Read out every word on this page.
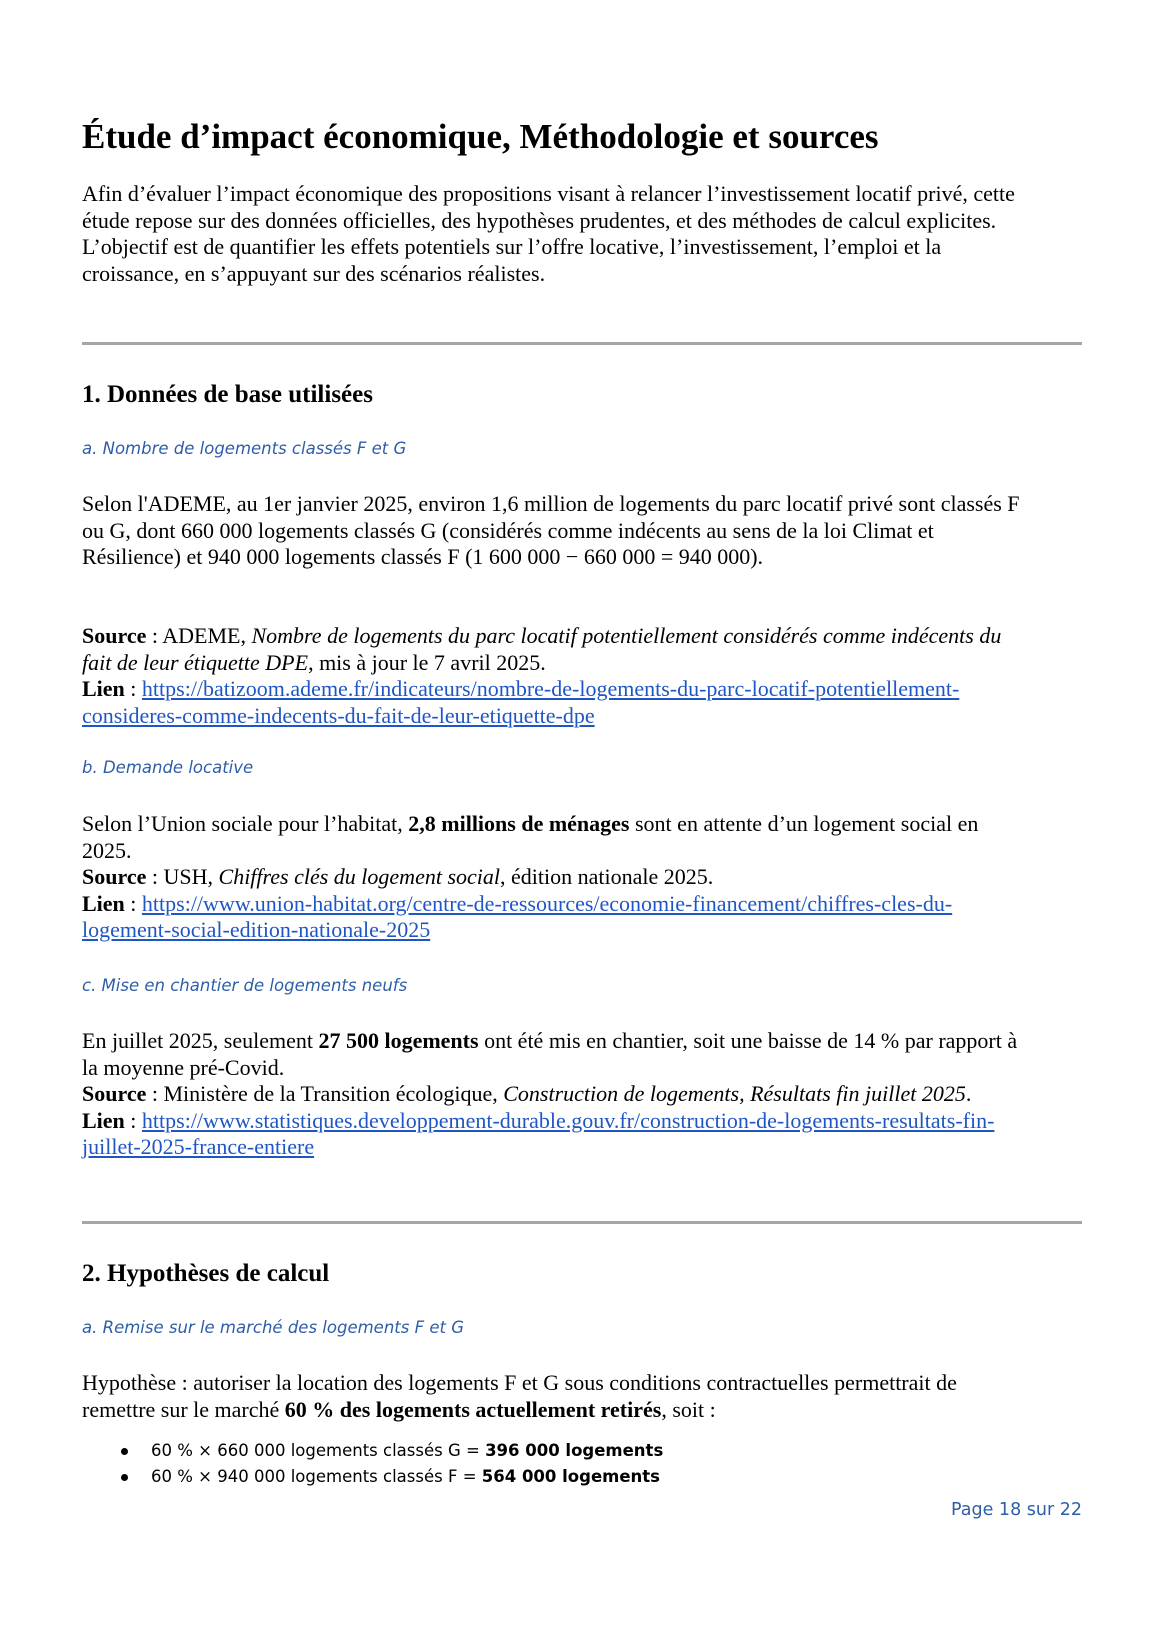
Étude d’impact économique, Méthodologie et sources

Afin d’évaluer l’impact économique des propositions visant à relancer l’investissement locatif privé, cette
étude repose sur des données officielles, des hypothèses prudentes, et des méthodes de calcul explicites.
L’objectif est de quantifier les effets potentiels sur l’offre locative, l’investissement, l’emploi et la
croissance, en s’appuyant sur des scénarios réalistes.

1. Données de base utilisées

a. Nombre de logements classés F et G

Selon l'ADEME, au 1er janvier 2025, environ 1,6 million de logements du parc locatif privé sont classés F
ou G, dont 660 000 logements classés G (considérés comme indécents au sens de la loi Climat et
Résilience) et 940 000 logements classés F (1 600 000 − 660 000 = 940 000).

Source : ADEME, Nombre de logements du parc locatif potentiellement considérés comme indécents du
fait de leur étiquette DPE, mis à jour le 7 avril 2025.
Lien : https://batizoom.ademe.fr/indicateurs/nombre-de-logements-du-parc-locatif-potentiellement-
consideres-comme-indecents-du-fait-de-leur-etiquette-dpe

b. Demande locative

Selon l’Union sociale pour l’habitat, 2,8 millions de ménages sont en attente d’un logement social en
2025.
Source : USH, Chiffres clés du logement social, édition nationale 2025.
Lien : https://www.union-habitat.org/centre-de-ressources/economie-financement/chiffres-cles-du-
logement-social-edition-nationale-2025

c. Mise en chantier de logements neufs

En juillet 2025, seulement 27 500 logements ont été mis en chantier, soit une baisse de 14 % par rapport à
la moyenne pré-Covid.
Source : Ministère de la Transition écologique, Construction de logements, Résultats fin juillet 2025.
Lien : https://www.statistiques.developpement-durable.gouv.fr/construction-de-logements-resultats-fin-
juillet-2025-france-entiere

2. Hypothèses de calcul

a. Remise sur le marché des logements F et G

Hypothèse : autoriser la location des logements F et G sous conditions contractuelles permettrait de
remettre sur le marché 60 % des logements actuellement retirés, soit :

60 % × 660 000 logements classés G = 396 000 logements
60 % × 940 000 logements classés F = 564 000 logements
Page 18 sur 22
